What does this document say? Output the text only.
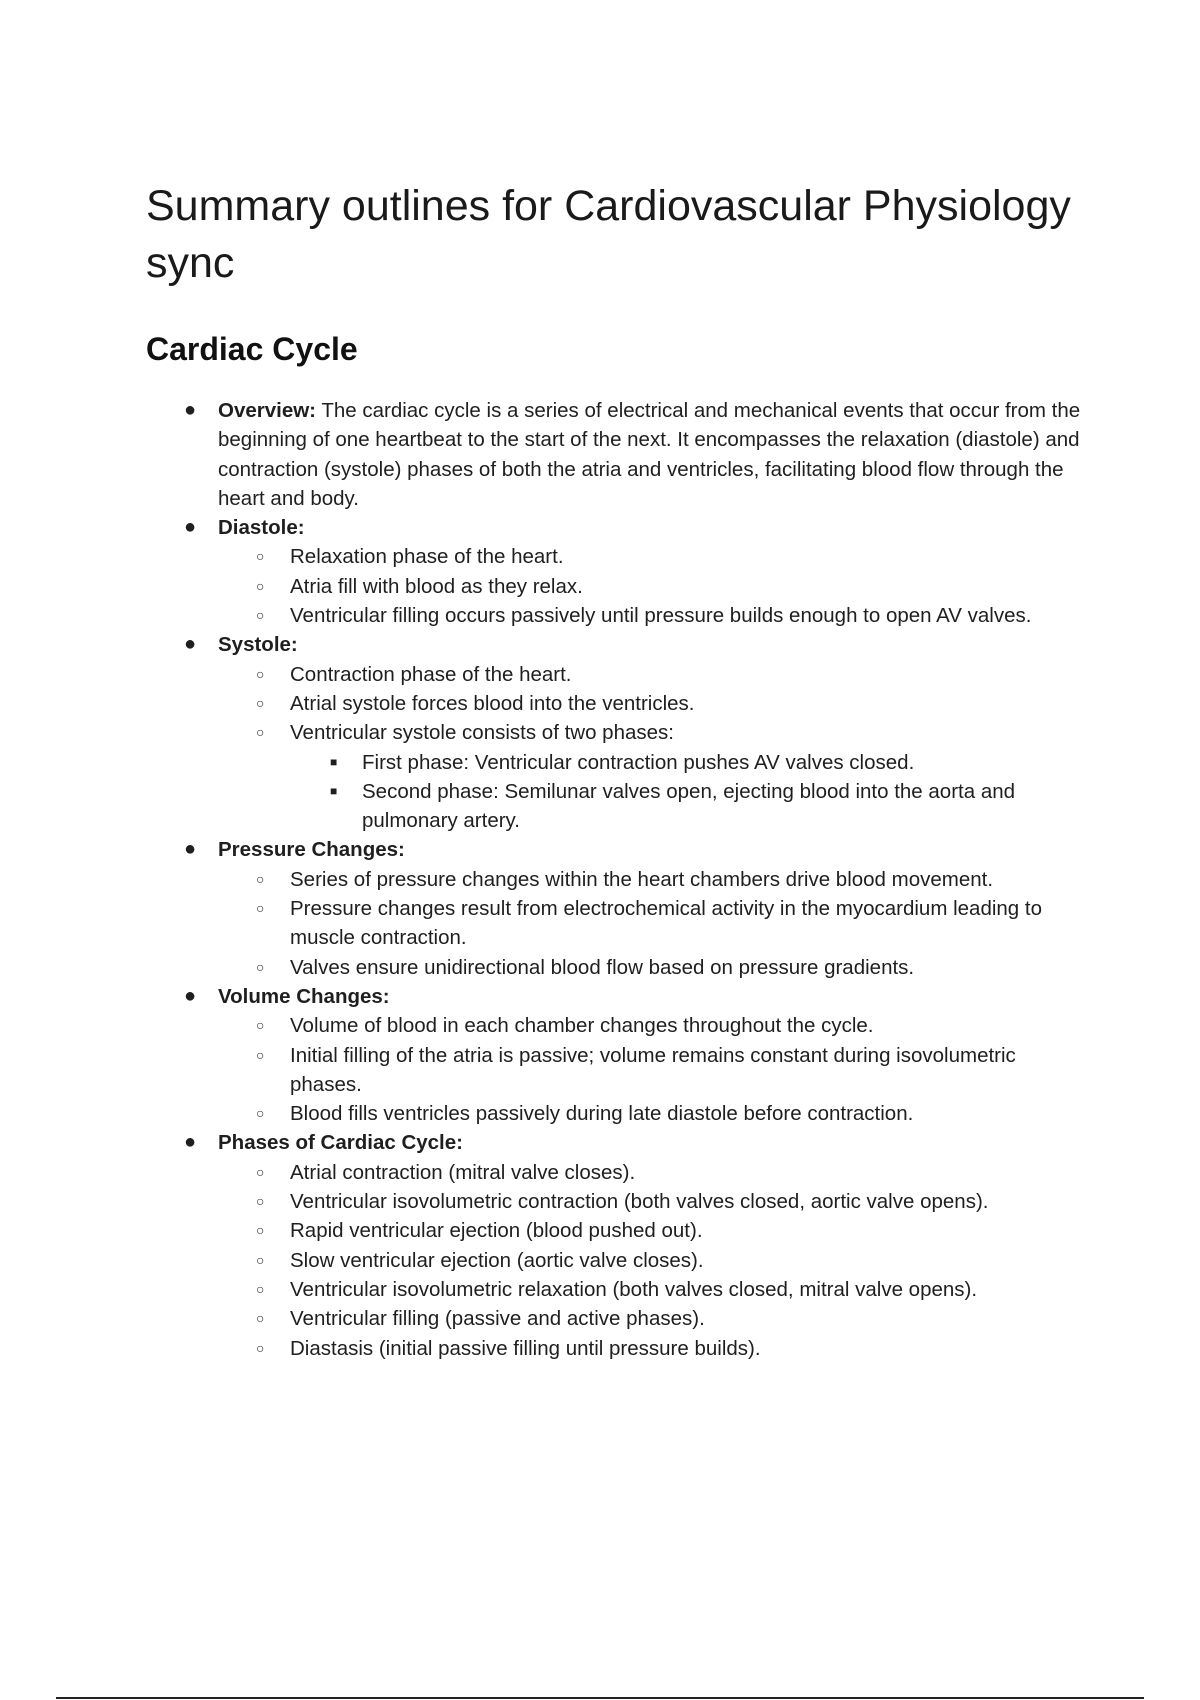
Summary outlines for Cardiovascular Physiology sync
Cardiac Cycle
● Overview: The cardiac cycle is a series of electrical and mechanical events that occur from the beginning of one heartbeat to the start of the next. It encompasses the relaxation (diastole) and contraction (systole) phases of both the atria and ventricles, facilitating blood flow through the heart and body.
● Diastole:
○ Relaxation phase of the heart.
○ Atria fill with blood as they relax.
○ Ventricular filling occurs passively until pressure builds enough to open AV valves.
● Systole:
○ Contraction phase of the heart.
○ Atrial systole forces blood into the ventricles.
○ Ventricular systole consists of two phases:
■ First phase: Ventricular contraction pushes AV valves closed.
■ Second phase: Semilunar valves open, ejecting blood into the aorta and pulmonary artery.
● Pressure Changes:
○ Series of pressure changes within the heart chambers drive blood movement.
○ Pressure changes result from electrochemical activity in the myocardium leading to muscle contraction.
○ Valves ensure unidirectional blood flow based on pressure gradients.
● Volume Changes:
○ Volume of blood in each chamber changes throughout the cycle.
○ Initial filling of the atria is passive; volume remains constant during isovolumetric phases.
○ Blood fills ventricles passively during late diastole before contraction.
● Phases of Cardiac Cycle:
○ Atrial contraction (mitral valve closes).
○ Ventricular isovolumetric contraction (both valves closed, aortic valve opens).
○ Rapid ventricular ejection (blood pushed out).
○ Slow ventricular ejection (aortic valve closes).
○ Ventricular isovolumetric relaxation (both valves closed, mitral valve opens).
○ Ventricular filling (passive and active phases).
○ Diastasis (initial passive filling until pressure builds).
